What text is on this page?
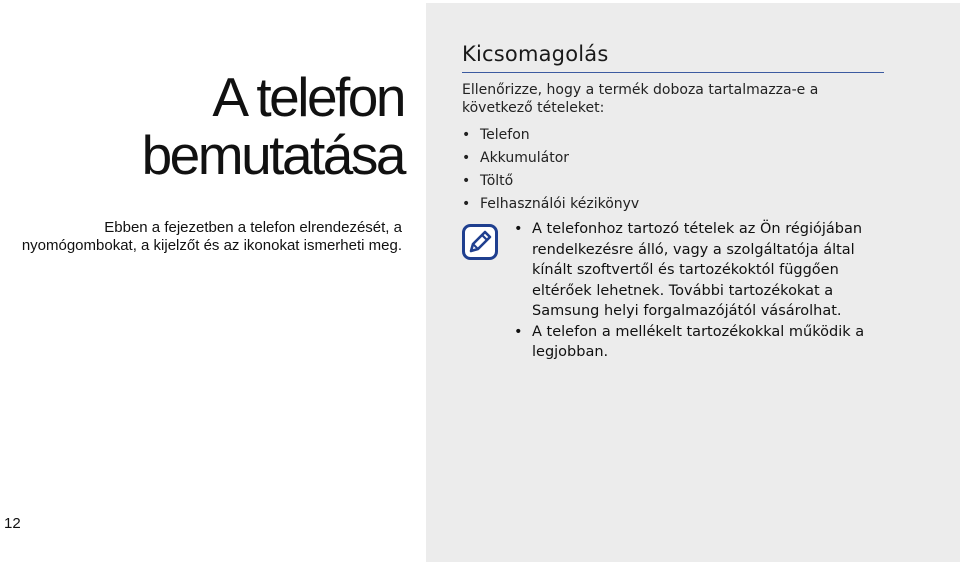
A telefon bemutatása

Ebben a fejezetben a telefon elrendezését, a nyomógombokat, a kijelzőt és az ikonokat ismerheti meg.

12
Kicsomagolás

Ellenőrizze, hogy a termék doboza tartalmazza-e a következő tételeket:

• Telefon
• Akkumulátor
• Töltő
• Felhasználói kézikönyv
• A telefonhoz tartozó tételek az Ön régiójában rendelkezésre álló, vagy a szolgáltatója által kínált szoftvertől és tartozékoktól függően eltérőek lehetnek. További tartozékokat a Samsung helyi forgalmazójától vásárolhat.
• A telefon a mellékelt tartozékokkal működik a legjobban.
